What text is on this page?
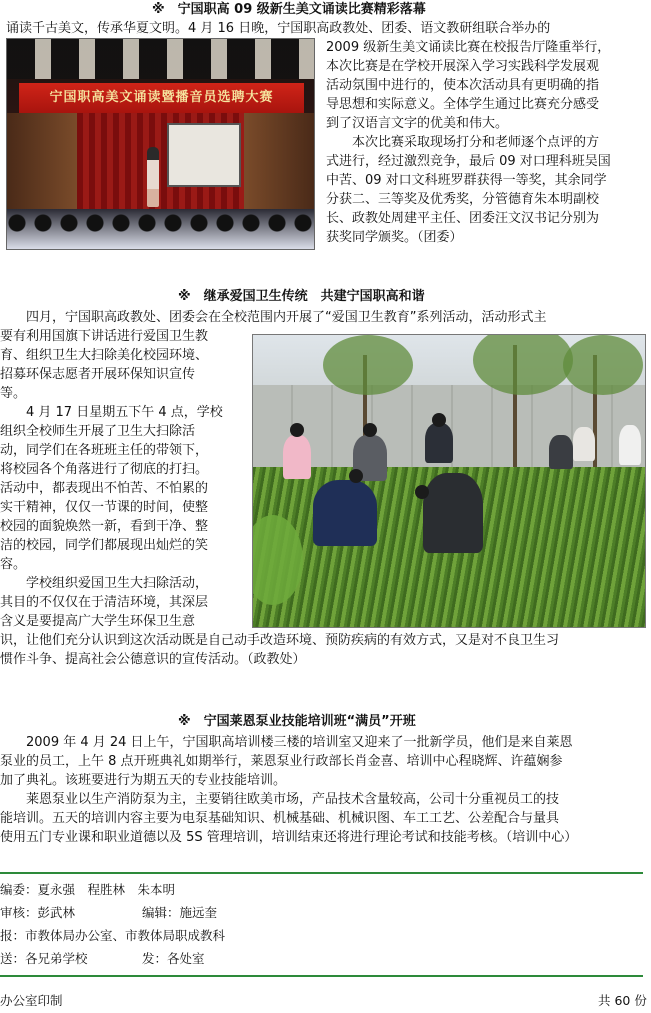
※　宁国职高 09 级新生美文诵读比赛精彩落幕
诵读千古美文，传承华夏文明。4 月 16 日晚，宁国职高政教处、团委、语文教研组联合举办的
宁国职高美文诵读暨播音员选聘大赛
2009 级新生美文诵读比赛在校报告厅隆重举行，
本次比赛是在学校开展深入学习实践科学发展观
活动氛围中进行的，使本次活动具有更明确的指
导思想和实际意义。全体学生通过比赛充分感受
到了汉语言文字的优美和伟大。
　　本次比赛采取现场打分和老师逐个点评的方
式进行，经过激烈竞争，最后 09 对口理科班吴国
中苦、09 对口文科班罗群获得一等奖，其余同学
分获二、三等奖及优秀奖，分管德育朱本明副校
长、政教处周建平主任、团委汪文汉书记分别为
获奖同学颁奖。（团委）
※　继承爱国卫生传统　共建宁国职高和谐
　　四月，宁国职高政教处、团委会在全校范围内开展了“爱国卫生教育”系列活动，活动形式主
要有利用国旗下讲话进行爱国卫生教
育、组织卫生大扫除美化校园环境、
招募环保志愿者开展环保知识宣传
等。
　　4 月 17 日星期五下午 4 点，学校
组织全校师生开展了卫生大扫除活
动，同学们在各班班主任的带领下，
将校园各个角落进行了彻底的打扫。
活动中，都表现出不怕苦、不怕累的
实干精神，仅仅一节课的时间，使整
校园的面貌焕然一新，看到干净、整
洁的校园，同学们都展现出灿烂的笑
容。
　　学校组织爱国卫生大扫除活动，
其目的不仅仅在于清洁环境，其深层
含义是要提高广大学生环保卫生意
识，让他们充分认识到这次活动既是自己动手改造环境、预防疾病的有效方式，又是对不良卫生习
惯作斗争、提高社会公德意识的宣传活动。（政教处）
※　宁国莱恩泵业技能培训班“满员”开班
　　2009 年 4 月 24 日上午，宁国职高培训楼三楼的培训室又迎来了一批新学员，他们是来自莱恩
泵业的员工，上午 8 点开班典礼如期举行，莱恩泵业行政部长肖金喜、培训中心程晓辉、许蕴娴参
加了典礼。该班要进行为期五天的专业技能培训。
　　莱恩泵业以生产消防泵为主，主要销往欧美市场，产品技术含量较高，公司十分重视员工的技
能培训。五天的培训内容主要为电泵基础知识、机械基础、机械识图、车工工艺、公差配合与量具
使用五门专业课和职业道德以及 5S 管理培训，培训结束还将进行理论考试和技能考核。（培训中心）
编委：夏永强　程胜林　朱本明
审核：彭武林	编辑：施远奎
报：市教体局办公室、市教体局职成教科
送：各兄弟学校	发：各处室
办公室印制	共 60 份
